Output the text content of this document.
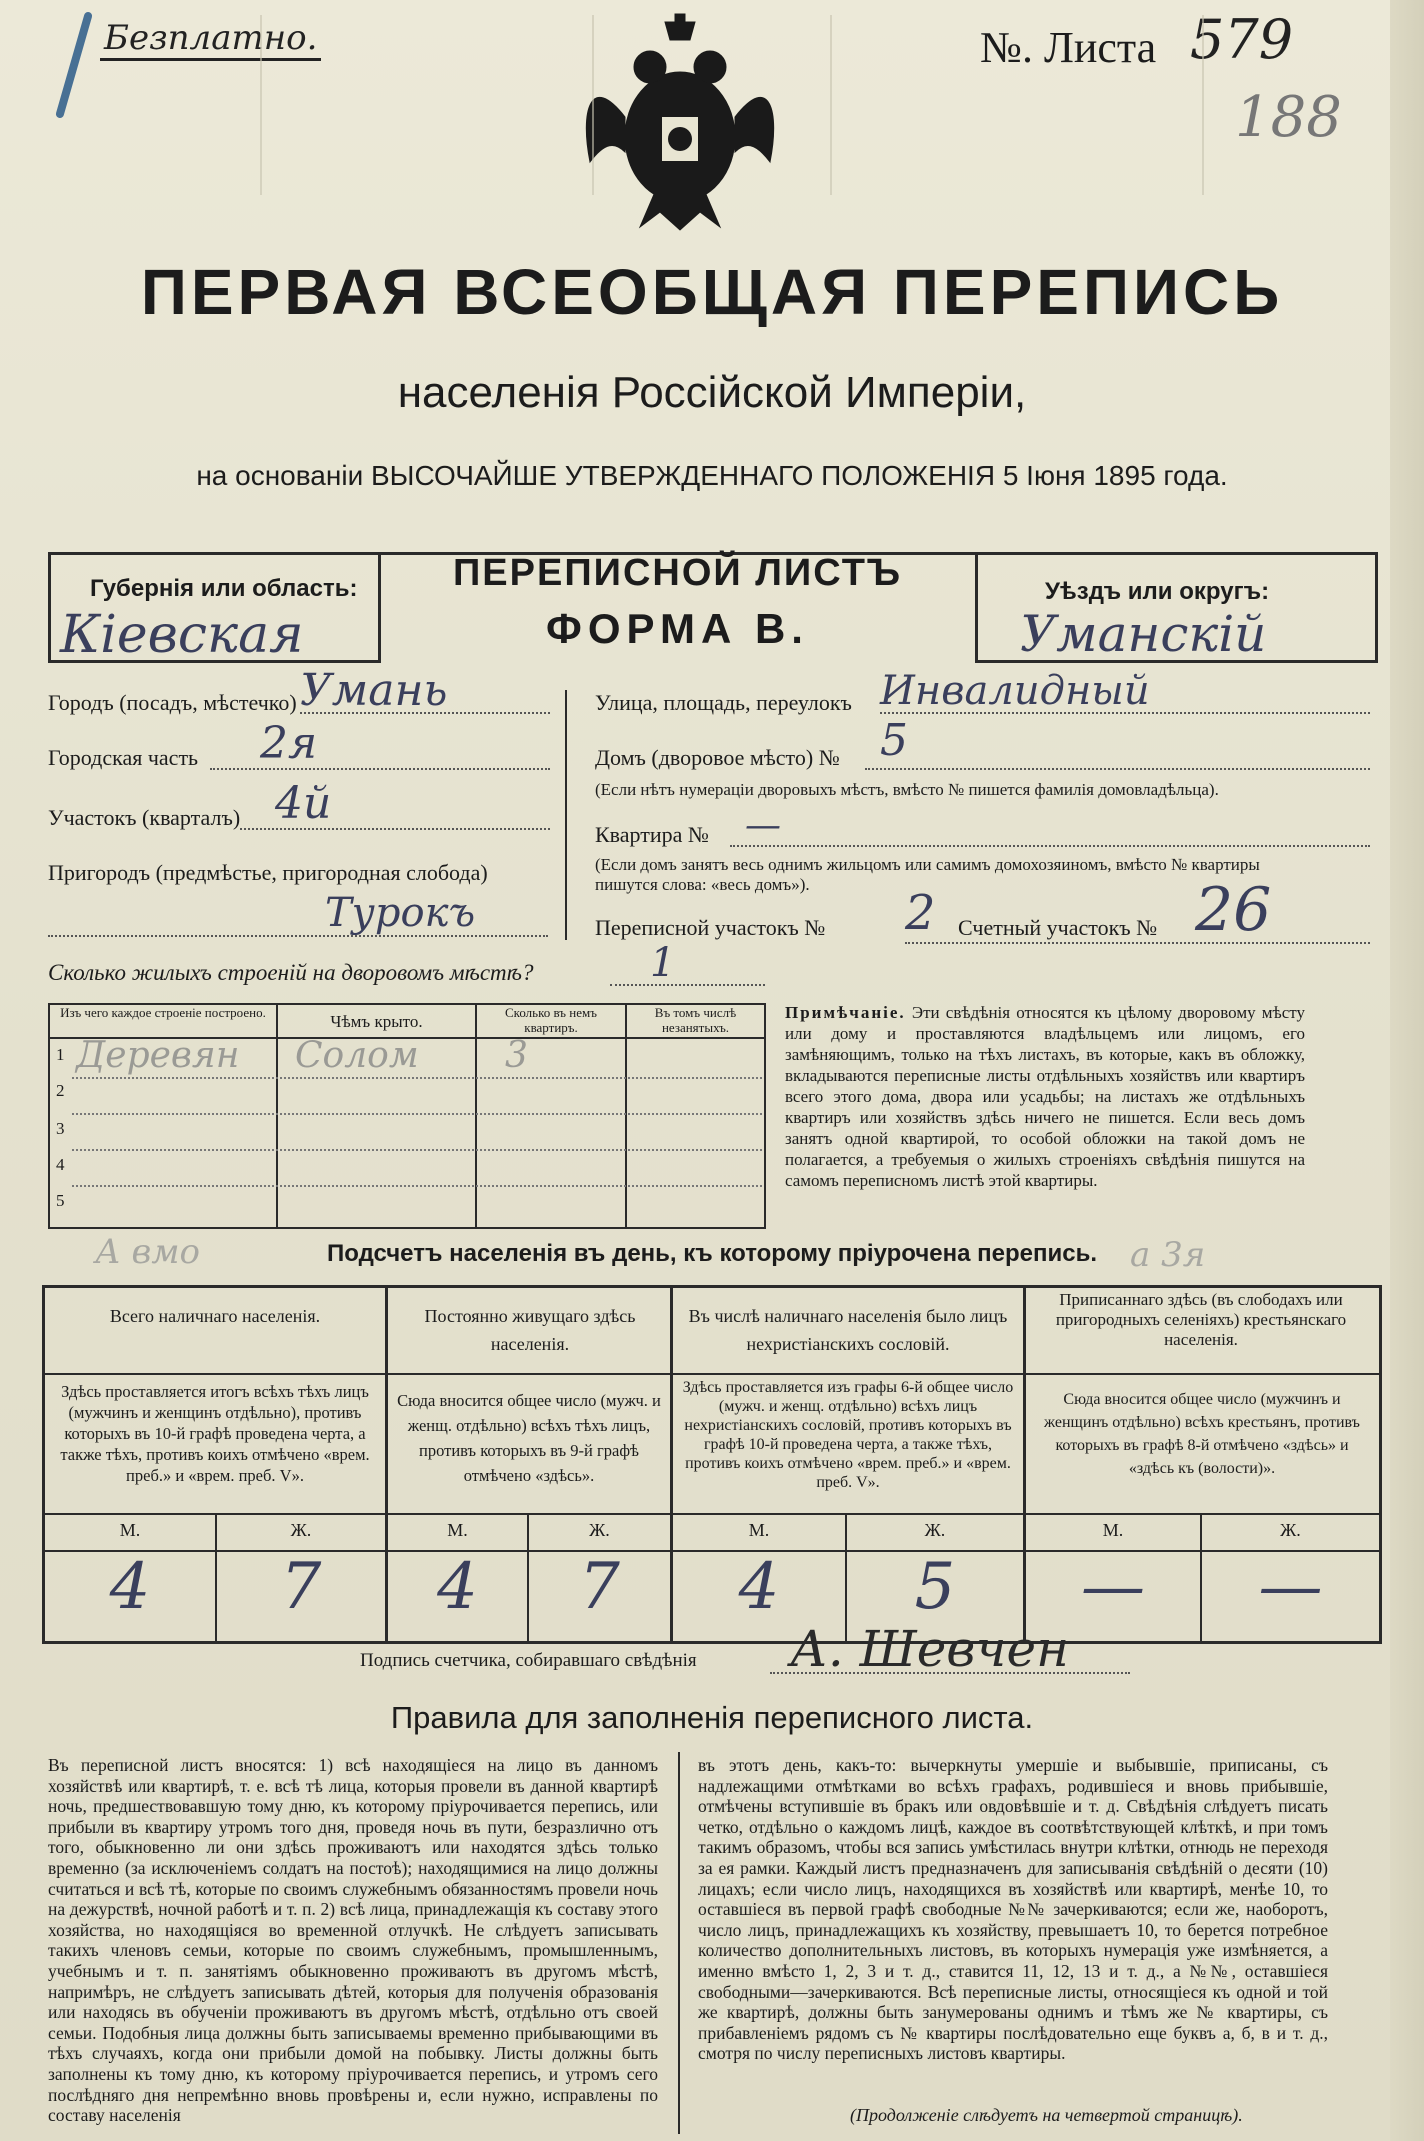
Безплатно.	№. Листа 579
188
ПЕРВАЯ ВСЕОБЩАЯ ПЕРЕПИСЬ
населенія Россійской Имперіи,
на основаніи ВЫСОЧАЙШЕ УТВЕРЖДЕННАГО ПОЛОЖЕНІЯ 5 Іюня 1895 года.
Губернія или область:
Кіевская
ПЕРЕПИСНОЙ ЛИСТЪ
ФОРМА В.
Уѣздъ или округъ:
Уманскій
Городъ (посадъ, мѣстечко) Умань
Городская часть 2я
Участокъ (кварталъ) 4й
Пригородъ (предмѣстье, пригородная слобода)
Турокъ
Улица, площадь, переулокъ Инвалидный
Домъ (дворовое мѣсто) № 5
(Если нѣтъ нумераціи дворовыхъ мѣстъ, вмѣсто № пишется фамилія домовладѣльца).
Квартира № —
(Если домъ занятъ весь однимъ жильцомъ или самимъ домохозяиномъ, вмѣсто № квартиры пишутся слова: «весь домъ»).
Переписной участокъ № 2 Счетный участокъ № 26
Сколько жилыхъ строеній на дворовомъ мѣстѣ?	1
Изъ чего каждое строеніе построено.	Чѣмъ крыто.	Сколько въ немъ квартиръ.
Въ томъ числѣ незанятыхъ.
1 Деревян Солом 3
2
3
4
5
Примѣчаніе. Эти свѣдѣнія относятся къ цѣлому дворовому мѣсту или дому и проставляются владѣльцемъ или лицомъ, его замѣняющимъ, только на тѣхъ листахъ, въ которые, какъ въ обложку, вкладываются переписные листы отдѣльныхъ хозяйствъ или квартиръ всего этого дома, двора или усадьбы; на листахъ же отдѣльныхъ квартиръ или хозяйствъ здѣсь ничего не пишется. Если весь домъ занятъ одной квартирой, то особой обложки на такой домъ не полагается, а требуемыя о жилыхъ строеніяхъ свѣдѣнія пишутся на самомъ переписномъ листѣ этой квартиры.
А вмо	а 3я
Подсчетъ населенія въ день, къ которому пріурочена перепись.
Всего наличнаго населенія.
Здѣсь проставляется итогъ всѣхъ тѣхъ лицъ (мужчинъ и женщинъ отдѣльно), противъ которыхъ въ 10-й графѣ проведена черта, а также тѣхъ, противъ коихъ отмѣчено «врем. преб.» и «врем. преб. V».
М.	Ж.
4	7
Постоянно живущаго здѣсь населенія.
Сюда вносится общее число (мужч. и женщ. отдѣльно) всѣхъ тѣхъ лицъ, противъ которыхъ въ 9-й графѣ отмѣчено «здѣсь».
М.	Ж.
4	7
Въ числѣ наличнаго населенія было лицъ нехристіанскихъ сословій.
Здѣсь проставляется изъ графы 6-й общее число (мужч. и женщ. отдѣльно) всѣхъ лицъ нехристіанскихъ сословій, противъ которыхъ въ графѣ 10-й проведена черта, а также тѣхъ, противъ коихъ отмѣчено «врем. преб.» и «врем. преб. V».
М.	Ж.
4	5
Приписаннаго здѣсь (въ слободахъ или пригородныхъ селеніяхъ) крестьянскаго населенія.
Сюда вносится общее число (мужчинъ и женщинъ отдѣльно) всѣхъ крестьянъ, противъ которыхъ въ графѣ 8-й отмѣчено «здѣсь» и «здѣсь къ (волости)».
М.	Ж.
—	—
Подпись счетчика, собиравшаго свѣдѣнія А. Шевчен
Правила для заполненія переписного листа.
Въ переписной листъ вносятся: 1) всѣ находящіеся на лицо въ данномъ хозяйствѣ или квартирѣ, т. е. всѣ тѣ лица, которыя провели въ данной квартирѣ ночь, предшествовавшую тому дню, къ которому пріурочивается перепись, или прибыли въ квартиру утромъ того дня, проведя ночь въ пути, безразлично отъ того, обыкновенно ли они здѣсь проживаютъ или находятся здѣсь только временно (за исключеніемъ солдатъ на постоѣ); находящимися на лицо должны считаться и всѣ тѣ, которые по своимъ служебнымъ обязанностямъ провели ночь на дежурствѣ, ночной работѣ и т. п. 2) всѣ лица, принадлежащія къ составу этого хозяйства, но находящіяся во временной отлучкѣ. Не слѣдуетъ записывать такихъ членовъ семьи, которые по своимъ служебнымъ, промышленнымъ, учебнымъ и т. п. занятіямъ обыкновенно проживаютъ въ другомъ мѣстѣ, напримѣръ, не слѣдуетъ записывать дѣтей, которыя для полученія образованія или находясь въ обученіи проживаютъ въ другомъ мѣстѣ, отдѣльно отъ своей семьи. Подобныя лица должны быть записываемы временно прибывающими въ тѣхъ случаяхъ, когда они прибыли домой на побывку. Листы должны быть заполнены къ тому дню, къ которому пріурочивается перепись, и утромъ сего послѣдняго дня непремѣнно вновь провѣрены и, если нужно, исправлены по составу населенія
въ этотъ день, какъ-то: вычеркнуты умершіе и выбывшіе, приписаны, съ надлежащими отмѣтками во всѣхъ графахъ, родившіеся и вновь прибывшіе, отмѣчены вступившіе въ бракъ или овдовѣвшіе и т. д. Свѣдѣнія слѣдуетъ писать четко, отдѣльно о каждомъ лицѣ, каждое въ соотвѣтствующей клѣткѣ, и при томъ такимъ образомъ, чтобы вся запись умѣстилась внутри клѣтки, отнюдь не переходя за ея рамки. Каждый листъ предназначенъ для записыванія свѣдѣній о десяти (10) лицахъ; если число лицъ, находящихся въ хозяйствѣ или квартирѣ, менѣе 10, то оставшіеся въ первой графѣ свободные №№ зачеркиваются; если же, наоборотъ, число лицъ, принадлежащихъ къ хозяйству, превышаетъ 10, то берется потребное количество дополнительныхъ листовъ, въ которыхъ нумерація уже измѣняется, а именно вмѣсто 1, 2, 3 и т. д., ставится 11, 12, 13 и т. д., а №№, оставшіеся свободными—зачеркиваются. Всѣ переписные листы, относящіеся къ одной и той же квартирѣ, должны быть занумерованы однимъ и тѣмъ же № квартиры, съ прибавленіемъ рядомъ съ № квартиры послѣдовательно еще буквъ а, б, в и т. д., смотря по числу переписныхъ листовъ квартиры.
(Продолженіе слѣдуетъ на четвертой страницѣ).
